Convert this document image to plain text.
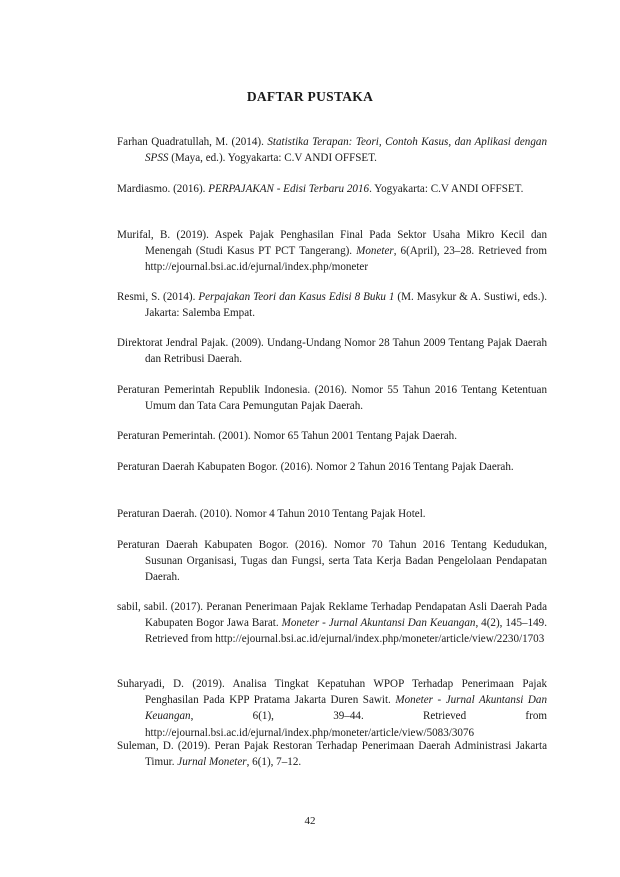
DAFTAR PUSTAKA

Farhan Quadratullah, M. (2014). Statistika Terapan: Teori, Contoh Kasus, dan Aplikasi dengan SPSS (Maya, ed.). Yogyakarta: C.V ANDI OFFSET.

Mardiasmo. (2016). PERPAJAKAN - Edisi Terbaru 2016. Yogyakarta: C.V ANDI OFFSET.

Murifal, B. (2019). Aspek Pajak Penghasilan Final Pada Sektor Usaha Mikro Kecil dan Menengah (Studi Kasus PT PCT Tangerang). Moneter, 6(April), 23–28. Retrieved from http://ejournal.bsi.ac.id/ejurnal/index.php/moneter

Resmi, S. (2014). Perpajakan Teori dan Kasus Edisi 8 Buku 1 (M. Masykur & A. Sustiwi, eds.). Jakarta: Salemba Empat.

Direktorat Jendral Pajak. (2009). Undang-Undang Nomor 28 Tahun 2009 Tentang Pajak Daerah dan Retribusi Daerah.

Peraturan Pemerintah Republik Indonesia. (2016). Nomor 55 Tahun 2016 Tentang Ketentuan Umum dan Tata Cara Pemungutan Pajak Daerah.

Peraturan Pemerintah. (2001). Nomor 65 Tahun 2001 Tentang Pajak Daerah.

Peraturan Daerah Kabupaten Bogor. (2016). Nomor 2 Tahun 2016 Tentang Pajak Daerah.

Peraturan Daerah. (2010). Nomor 4 Tahun 2010 Tentang Pajak Hotel.

Peraturan Daerah Kabupaten Bogor. (2016). Nomor 70 Tahun 2016 Tentang Kedudukan, Susunan Organisasi, Tugas dan Fungsi, serta Tata Kerja Badan Pengelolaan Pendapatan Daerah.

sabil, sabil. (2017). Peranan Penerimaan Pajak Reklame Terhadap Pendapatan Asli Daerah Pada Kabupaten Bogor Jawa Barat. Moneter - Jurnal Akuntansi Dan Keuangan, 4(2), 145–149. Retrieved from http://ejournal.bsi.ac.id/ejurnal/index.php/moneter/article/view/2230/1703

Suharyadi, D. (2019). Analisa Tingkat Kepatuhan WPOP Terhadap Penerimaan Pajak Penghasilan Pada KPP Pratama Jakarta Duren Sawit. Moneter - Jurnal Akuntansi Dan Keuangan, 6(1), 39–44. Retrieved from http://ejournal.bsi.ac.id/ejurnal/index.php/moneter/article/view/5083/3076

Suleman, D. (2019). Peran Pajak Restoran Terhadap Penerimaan Daerah Administrasi Jakarta Timur. Jurnal Moneter, 6(1), 7–12.

42
